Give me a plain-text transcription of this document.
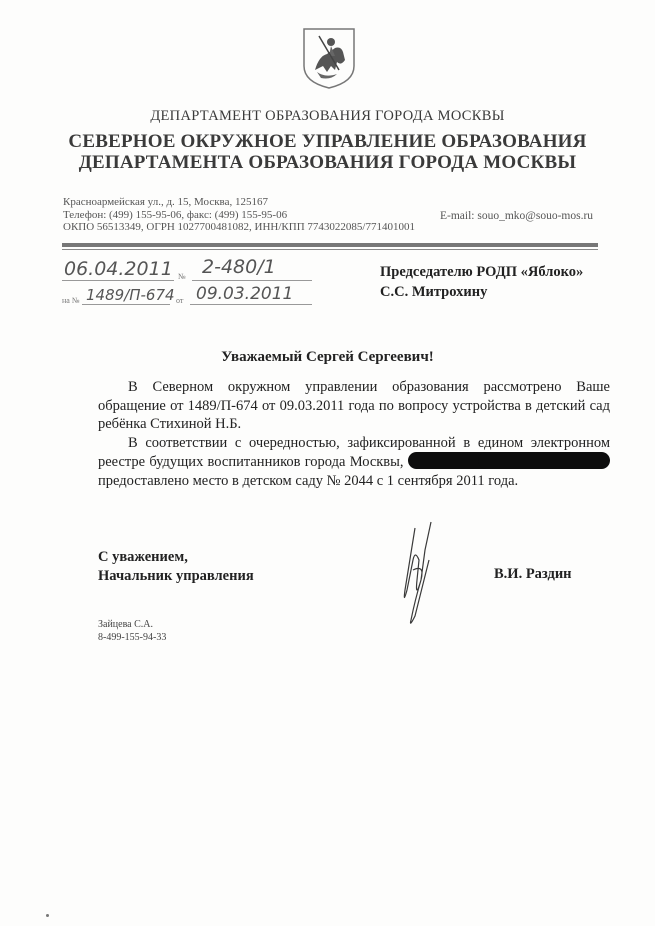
ДЕПАРТАМЕНТ ОБРАЗОВАНИЯ ГОРОДА МОСКВЫ
СЕВЕРНОЕ ОКРУЖНОЕ УПРАВЛЕНИЕ ОБРАЗОВАНИЯ
ДЕПАРТАМЕНТА ОБРАЗОВАНИЯ ГОРОДА МОСКВЫ
Красноармейская ул., д. 15, Москва, 125167
Телефон: (499) 155-95-06, факс: (499) 155-95-06
ОКПО 56513349, ОГРН 1027700481082, ИНН/КПП 7743022085/771401001
E-mail: souo_mko@souo-mos.ru
06.04.2011 № 2-480/1
на № 1489/П-674 от 09.03.2011
Председателю РОДП «Яблоко»
С.С. Митрохину
Уважаемый Сергей Сергеевич!

В Северном окружном управлении образования рассмотрено Ваше обращение от 1489/П-674 от 09.03.2011 года по вопросу устройства в детский сад ребёнка Стихиной Н.Б.

В соответствии с очередностью, зафиксированной в едином электронном реестре будущих воспитанников города Москвы,   предоставлено место в детском саду № 2044 с 1 сентября 2011 года.

С уважением,
Начальник управления	В.И. Раздин
Зайцева С.А.
8-499-155-94-33
